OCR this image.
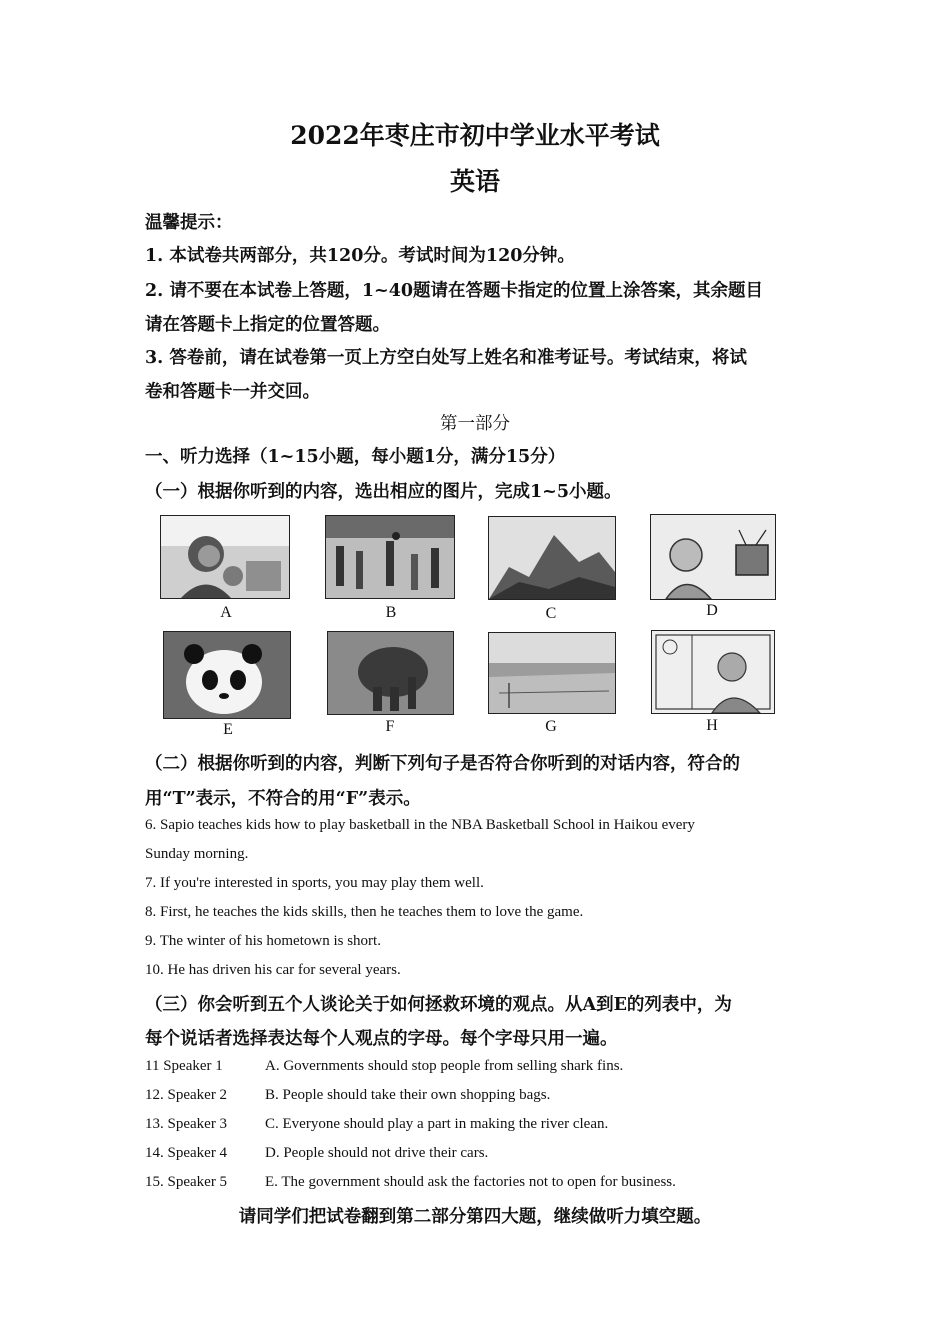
2022年枣庄市初中学业水平考试
英语
温馨提示：
1. 本试卷共两部分，共120分。考试时间为120分钟。
2. 请不要在本试卷上答题，1~40题请在答题卡指定的位置上涂答案，其余题目
请在答题卡上指定的位置答题。
3. 答卷前，请在试卷第一页上方空白处写上姓名和准考证号。考试结束，将试
卷和答题卡一并交回。
第一部分
一、听力选择（1~15小题，每小题1分，满分15分）
（一）根据你听到的内容，选出相应的图片，完成1~5小题。
A	B	C	D
E	F	G	H
（二）根据你听到的内容，判断下列句子是否符合你听到的对话内容，符合的
用“T”表示，不符合的用“F”表示。
6. Sapio teaches kids how to play basketball in the NBA Basketball School in Haikou every
Sunday morning.
7. If you're interested in sports, you may play them well.
8. First, he teaches the kids skills, then he teaches them to love the game.
9. The winter of his hometown is short.
10. He has driven his car for several years.
（三）你会听到五个人谈论关于如何拯救环境的观点。从A到E的列表中，为
每个说话者选择表达每个人观点的字母。每个字母只用一遍。
11 Speaker 1	A. Governments should stop people from selling shark fins.
12. Speaker 2	B. People should take their own shopping bags.
13. Speaker 3	C. Everyone should play a part in making the river clean.
14. Speaker 4	D. People should not drive their cars.
15. Speaker 5	E. The government should ask the factories not to open for business.
请同学们把试卷翻到第二部分第四大题，继续做听力填空题。
